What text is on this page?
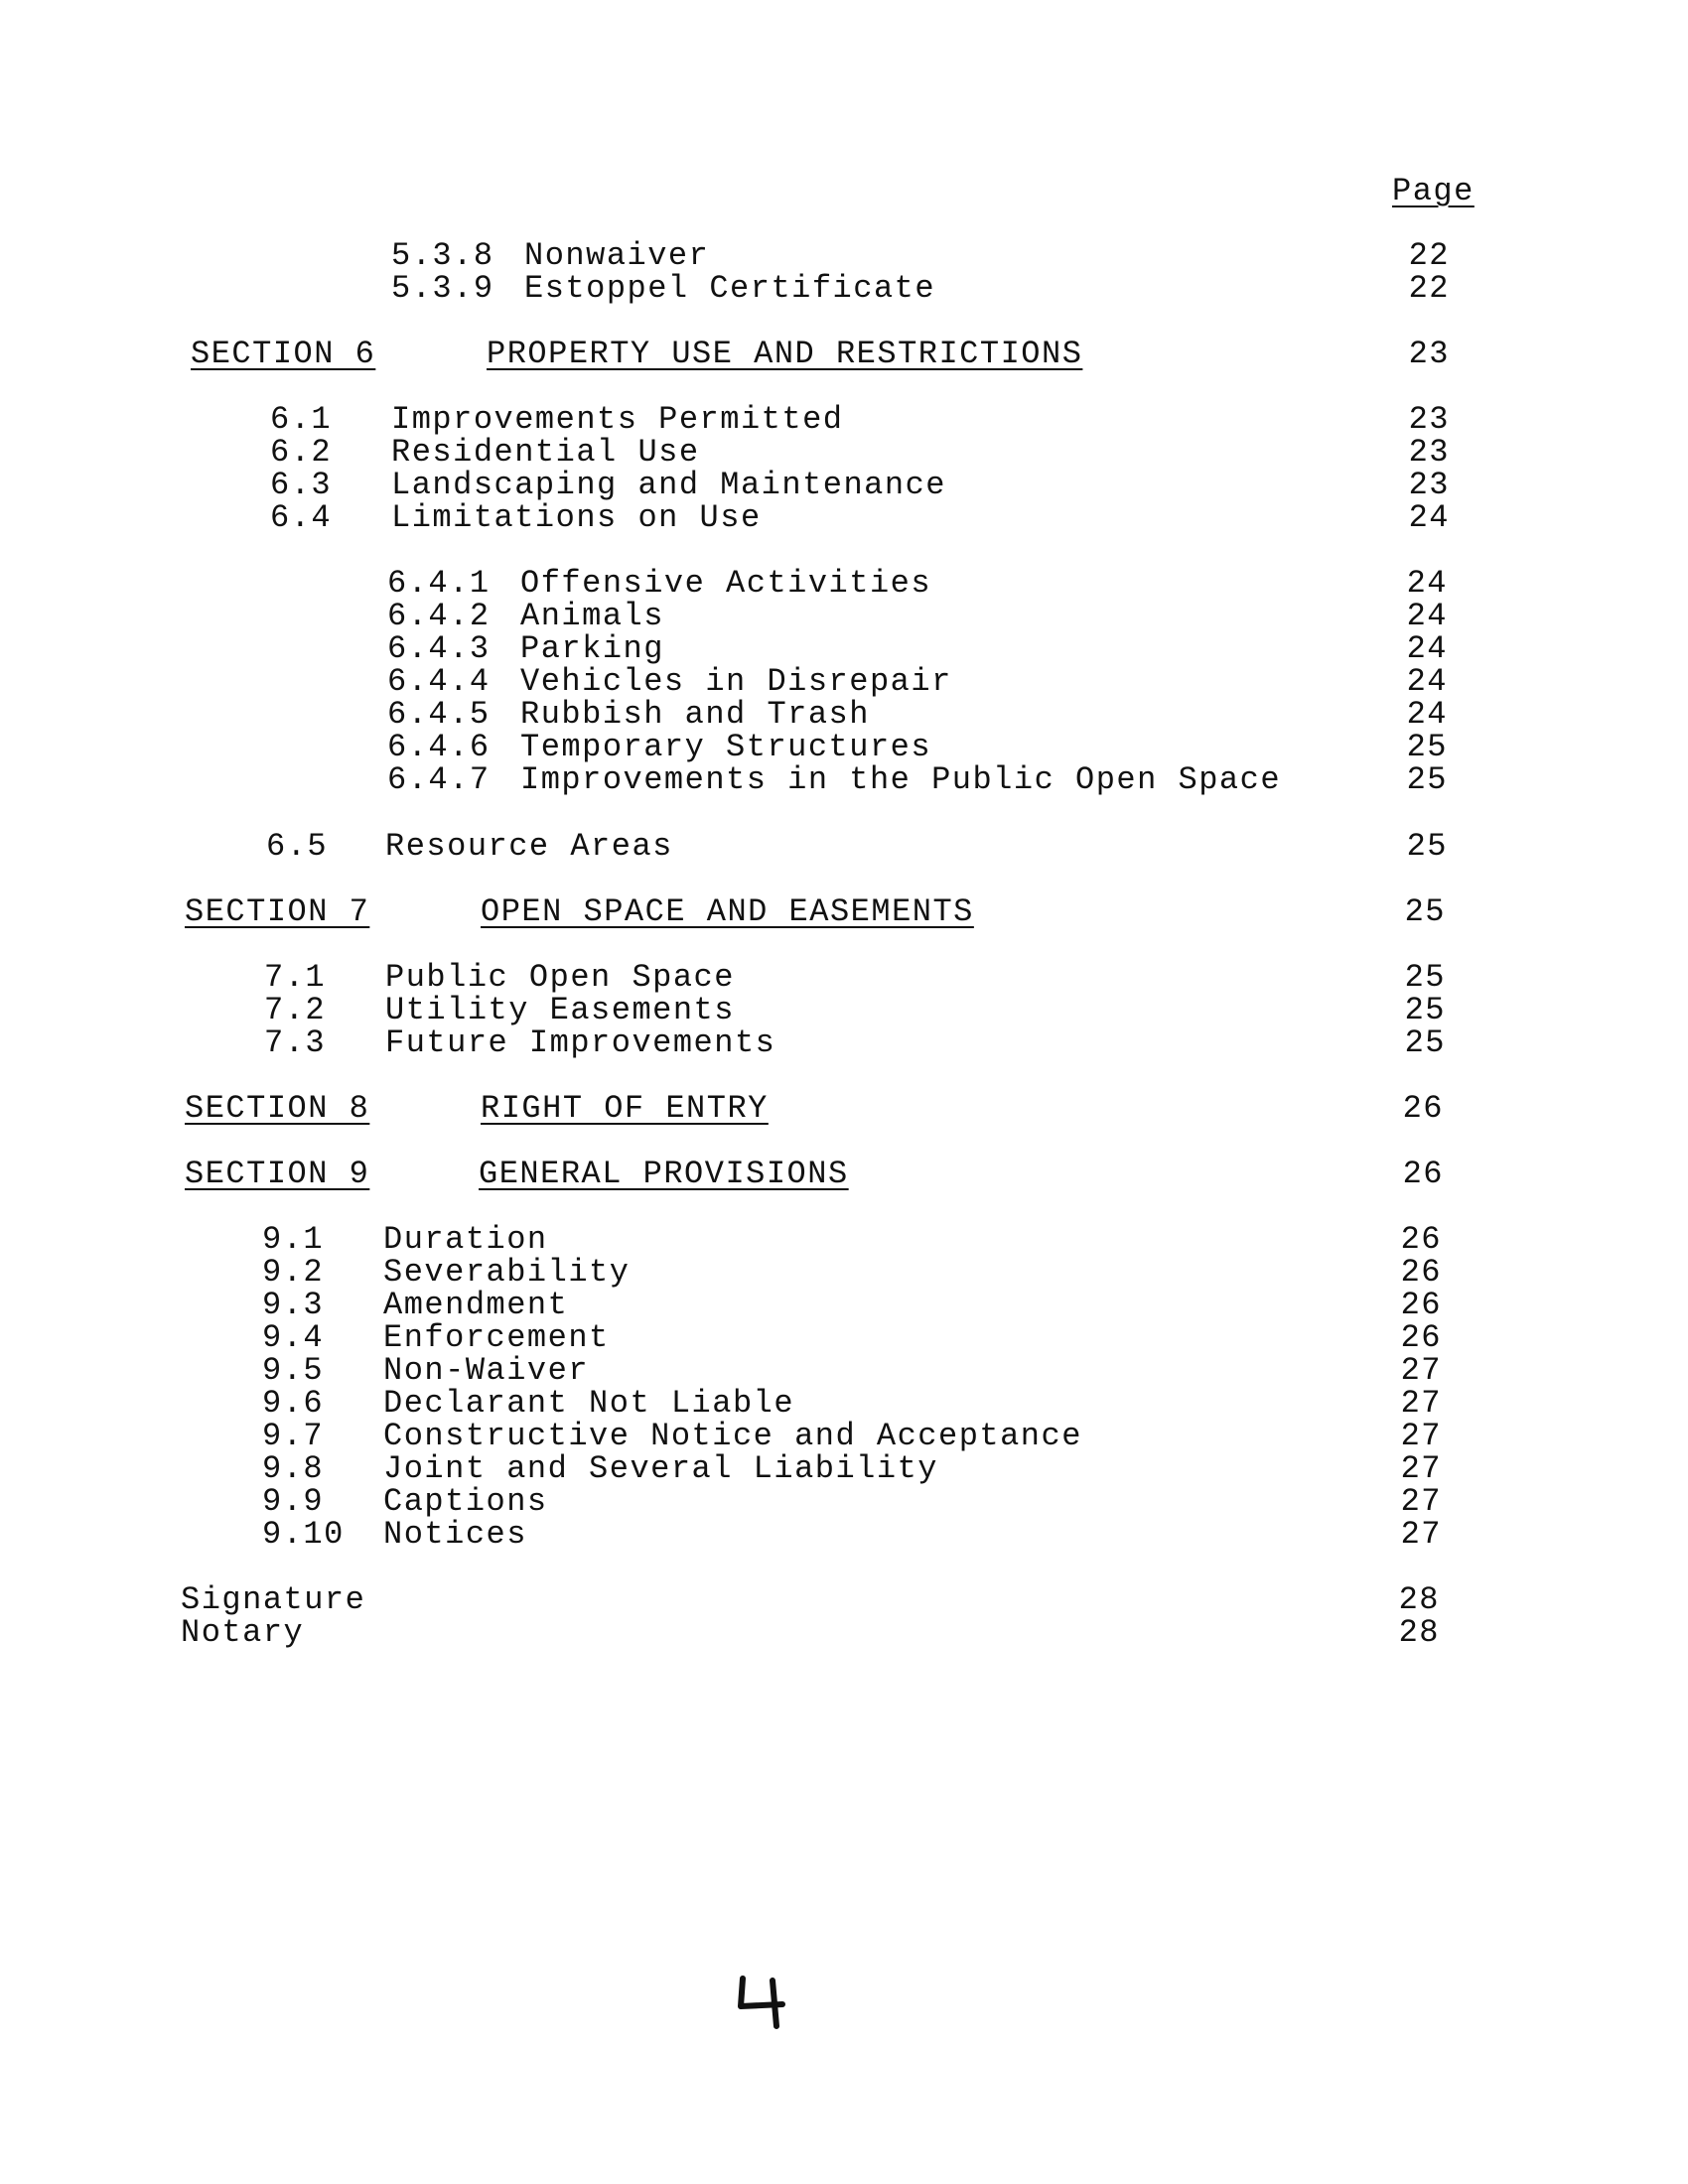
Page
5.3.8 Nonwaiver	22
5.3.9 Estoppel Certificate	22
SECTION 6	PROPERTY USE AND RESTRICTIONS	23
6.1 Improvements Permitted	23
6.2 Residential Use	23
6.3 Landscaping and Maintenance	23
6.4 Limitations on Use	24
6.4.1 Offensive Activities	24
6.4.2 Animals	24
6.4.3 Parking	24
6.4.4 Vehicles in Disrepair	24
6.4.5 Rubbish and Trash	24
6.4.6 Temporary Structures	25
6.4.7 Improvements in the Public Open Space	25
6.5 Resource Areas	25
SECTION 7	OPEN SPACE AND EASEMENTS	25
7.1 Public Open Space	25
7.2 Utility Easements	25
7.3 Future Improvements	25
SECTION 8	RIGHT OF ENTRY	26
SECTION 9	GENERAL PROVISIONS	26
9.1 Duration	26
9.2 Severability	26
9.3 Amendment	26
9.4 Enforcement	26
9.5 Non-Waiver	27
9.6 Declarant Not Liable	27
9.7 Constructive Notice and Acceptance	27
9.8 Joint and Several Liability	27
9.9 Captions	27
9.10 Notices	27
Signature	28
Notary	28
